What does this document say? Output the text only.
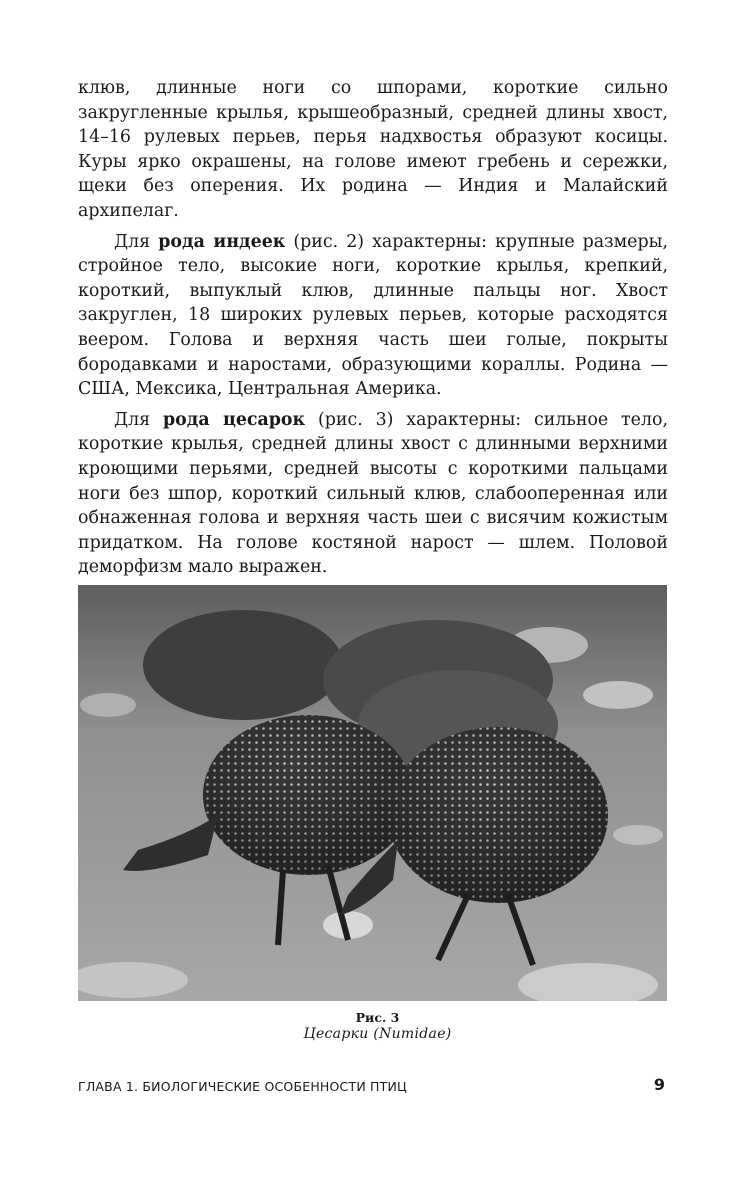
клюв, длинные ноги со шпорами, короткие сильно закругленные крылья, крышеобразный, средней длины хвост, 14–16 рулевых перьев, перья надхвостья образуют косицы. Куры ярко окрашены, на голове имеют гребень и сережки, щеки без оперения. Их родина — Индия и Малайский архипелаг.

Для рода индеек (рис. 2) характерны: крупные размеры, стройное тело, высокие ноги, короткие крылья, крепкий, короткий, выпуклый клюв, длинные пальцы ног. Хвост закруглен, 18 широких рулевых перьев, которые расходятся веером. Голова и верхняя часть шеи голые, покрыты бородавками и наростами, образующими кораллы. Родина — США, Мексика, Центральная Америка.

Для рода цесарок (рис. 3) характерны: сильное тело, короткие крылья, средней длины хвост с длинными верхними кроющими перьями, средней высоты с короткими пальцами ноги без шпор, короткий сильный клюв, слабооперенная или обнаженная голова и верхняя часть шеи с висячим кожистым придатком. На голове костяной нарост — шлем. Половой деморфизм мало выражен.

Рис. 3
Цесарки (Numidae)
ГЛАВА 1. БИОЛОГИЧЕСКИЕ ОСОБЕННОСТИ ПТИЦ	9
